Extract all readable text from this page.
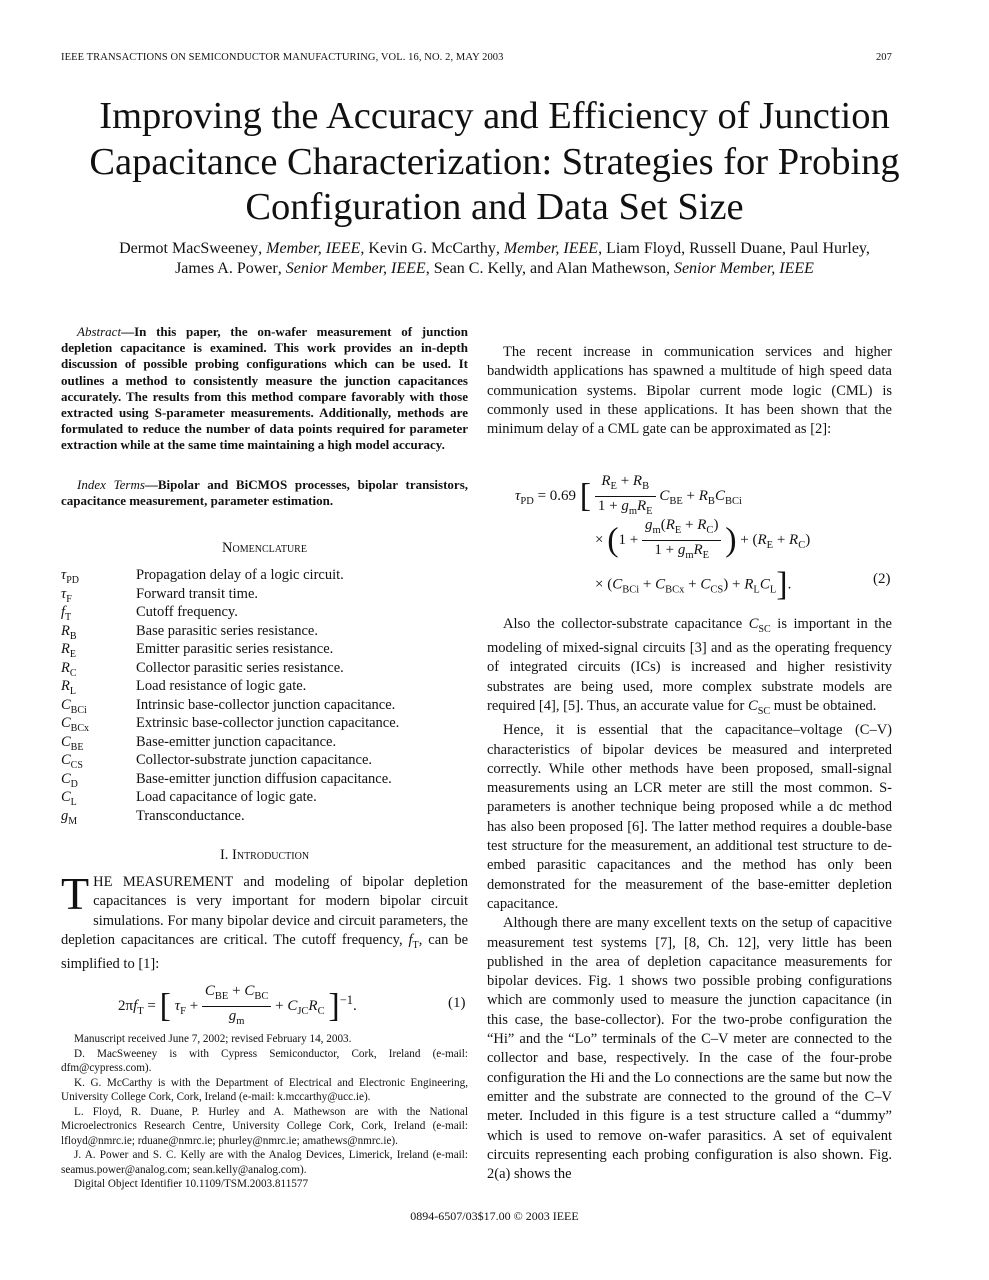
IEEE TRANSACTIONS ON SEMICONDUCTOR MANUFACTURING, VOL. 16, NO. 2, MAY 2003	207
Improving the Accuracy and Efficiency of Junction Capacitance Characterization: Strategies for Probing Configuration and Data Set Size
Dermot MacSweeney, Member, IEEE, Kevin G. McCarthy, Member, IEEE, Liam Floyd, Russell Duane, Paul Hurley,
James A. Power, Senior Member, IEEE, Sean C. Kelly, and Alan Mathewson, Senior Member, IEEE
Abstract—In this paper, the on-wafer measurement of junction depletion capacitance is examined. This work provides an in-depth discussion of possible probing configurations which can be used. It outlines a method to consistently measure the junction capacitances accurately. The results from this method compare favorably with those extracted using S-parameter measurements. Additionally, methods are formulated to reduce the number of data points required for parameter extraction while at the same time maintaining a high model accuracy.
Index Terms—Bipolar and BiCMOS processes, bipolar transistors, capacitance measurement, parameter estimation.
Nomenclature
$\tau_{PD}$	Propagation delay of a logic circuit.
$\tau_F$	Forward transit time.
$f_T$	Cutoff frequency.
$R_B$	Base parasitic series resistance.
$R_E$	Emitter parasitic series resistance.
$R_C$	Collector parasitic series resistance.
$R_L$	Load resistance of logic gate.
$C_{BCi}$	Intrinsic base-collector junction capacitance.
$C_{BCx}$	Extrinsic base-collector junction capacitance.
$C_{BE}$	Base-emitter junction capacitance.
$C_{CS}$	Collector-substrate junction capacitance.
$C_D$	Base-emitter junction diffusion capacitance.
$C_L$	Load capacitance of logic gate.
$g_M$	Transconductance.
I. Introduction
THE MEASUREMENT and modeling of bipolar depletion capacitances is very important for modern bipolar circuit simulations. For many bipolar device and circuit parameters, the depletion capacitances are critical. The cutoff frequency, $f_T$, can be simplified to [1]:
$2\pi f_T$ = [ $\tau_F + \frac{C_{BE} + C_{BC}}{g_m} + C_{JC}R_C$ ]$^{-1}$.	(1)

Manuscript received June 7, 2002; revised February 14, 2003.

D. MacSweeney is with Cypress Semiconductor, Cork, Ireland (e-mail: dfm@cypress.com).

K. G. McCarthy is with the Department of Electrical and Electronic Engineering, University College Cork, Cork, Ireland (e-mail: k.mccarthy@ucc.ie).

L. Floyd, R. Duane, P. Hurley and A. Mathewson are with the National Microelectronics Research Centre, University College Cork, Cork, Ireland (e-mail: lfloyd@nmrc.ie; rduane@nmrc.ie; phurley@nmrc.ie; amathews@nmrc.ie).

J. A. Power and S. C. Kelly are with the Analog Devices, Limerick, Ireland (e-mail: seamus.power@analog.com; sean.kelly@analog.com).

Digital Object Identifier 10.1109/TSM.2003.811577

The recent increase in communication services and higher bandwidth applications has spawned a multitude of high speed data communication systems. Bipolar current mode logic (CML) is commonly used in these applications. It has been shown that the minimum delay of a CML gate can be approximated as [2]:

$\tau_{PD} = 0.69$ [ $\frac{R_E + R_B}{1 + g_mR_E} C_{BE} + R_BC_{BCi}$
× ($1 + \frac{g_m(R_E + R_C)}{1 + g_mR_E}$ ) + $(R_E + R_C)$
× $(C_{BCi} + C_{BCx} + C_{CS}) + R_LC_L$].	(2)

Also the collector-substrate capacitance $C_{SC}$ is important in the modeling of mixed-signal circuits [3] and as the operating frequency of integrated circuits (ICs) is increased and higher resistivity substrates are being used, more complex substrate models are required [4], [5]. Thus, an accurate value for $C_{SC}$ must be obtained.

Hence, it is essential that the capacitance–voltage (C–V) characteristics of bipolar devices be measured and interpreted correctly. While other methods have been proposed, small-signal measurements using an LCR meter are still the most common. S-parameters is another technique being proposed while a dc method has also been proposed [6]. The latter method requires a double-base test structure for the measurement, an additional test structure to de-embed parasitic capacitances and the method has only been demonstrated for the measurement of the base-emitter depletion capacitance.

Although there are many excellent texts on the setup of capacitive measurement test systems [7], [8, Ch. 12], very little has been published in the area of depletion capacitance measurements for bipolar devices. Fig. 1 shows two possible probing configurations which are commonly used to measure the junction capacitance (in this case, the base-collector). For the two-probe configuration the “Hi” and the “Lo” terminals of the C–V meter are connected to the collector and base, respectively. In the case of the four-probe configuration the Hi and the Lo connections are the same but now the emitter and the substrate are connected to the ground of the C–V meter. Included in this figure is a test structure called a “dummy” which is used to remove on-wafer parasitics. A set of equivalent circuits representing each probing configuration is also shown. Fig. 2(a) shows the

0894-6507/03$17.00 © 2003 IEEE
